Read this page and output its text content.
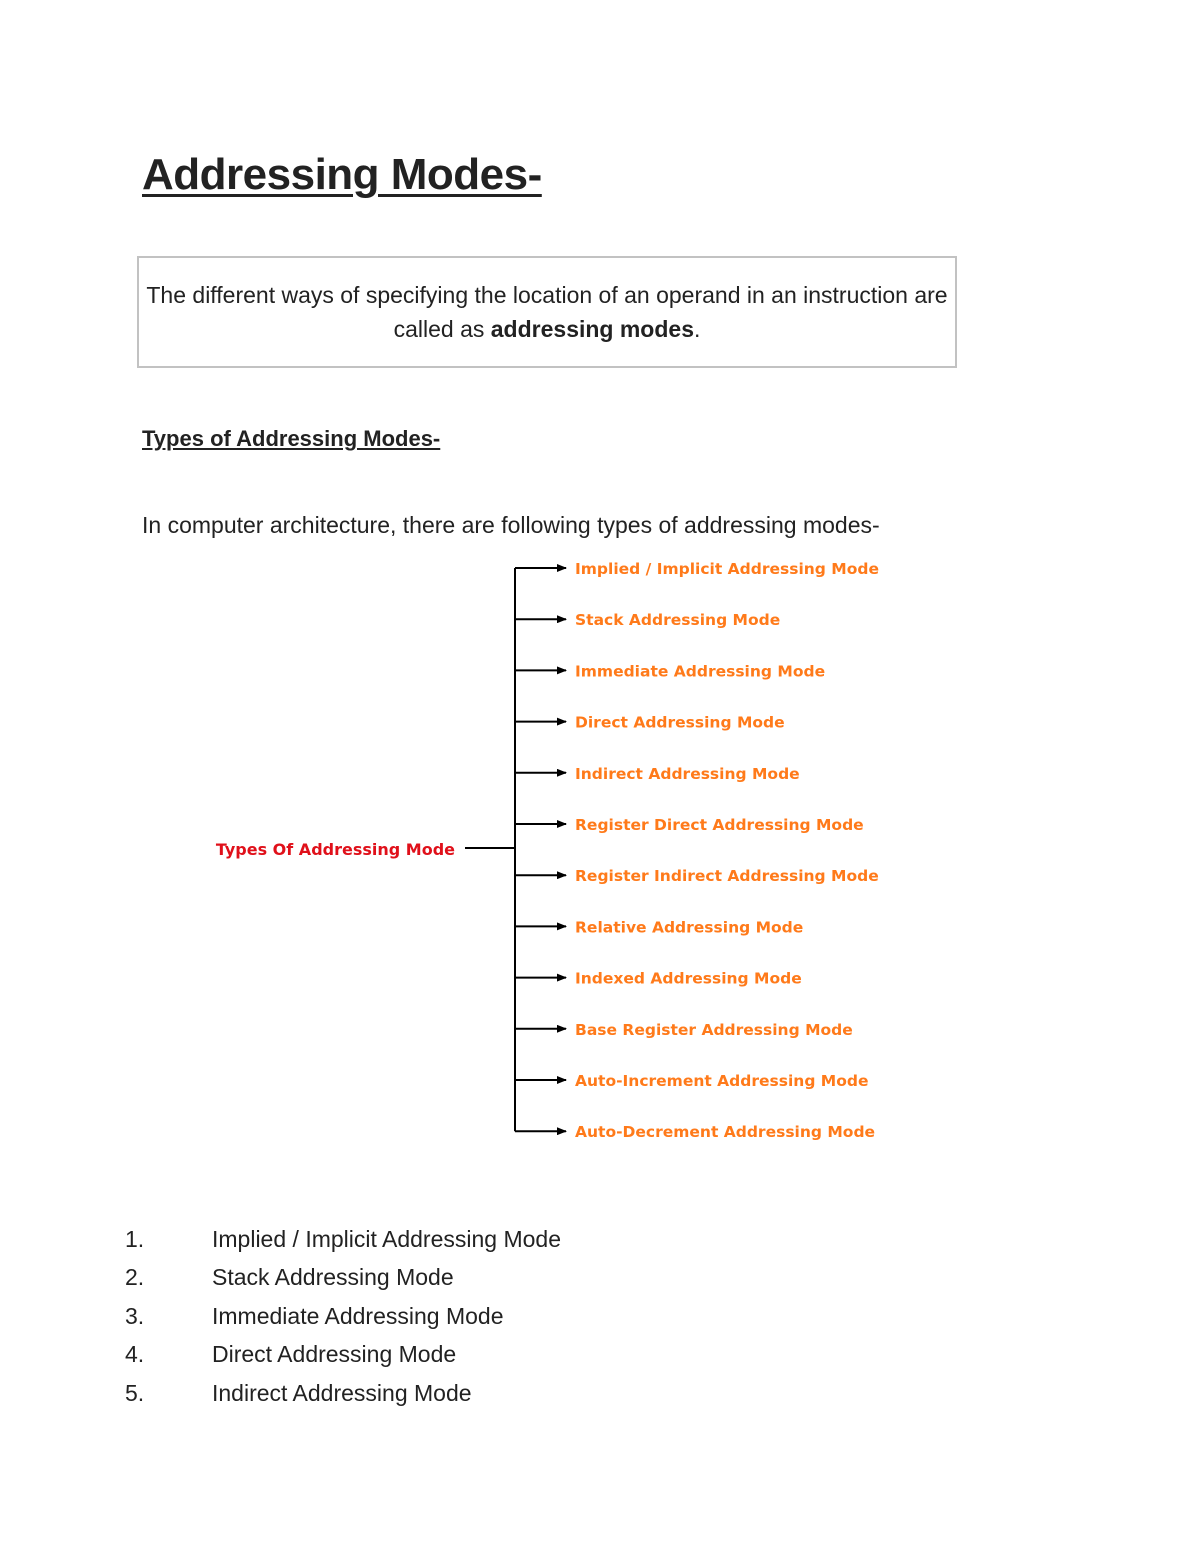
Addressing Modes-

The different ways of specifying the location of an operand in an instruction are called as addressing modes.

Types of Addressing Modes-

In computer architecture, there are following types of addressing modes-

Types Of Addressing Mode
Implied / Implicit Addressing Mode
Stack Addressing Mode
Immediate Addressing Mode
Direct Addressing Mode
Indirect Addressing Mode
Register Direct Addressing Mode
Register Indirect Addressing Mode
Relative Addressing Mode
Indexed Addressing Mode
Base Register Addressing Mode
Auto-Increment Addressing Mode
Auto-Decrement Addressing Mode
1.	Implied / Implicit Addressing Mode
2.	Stack Addressing Mode
3.	Immediate Addressing Mode
4.	Direct Addressing Mode
5.	Indirect Addressing Mode
